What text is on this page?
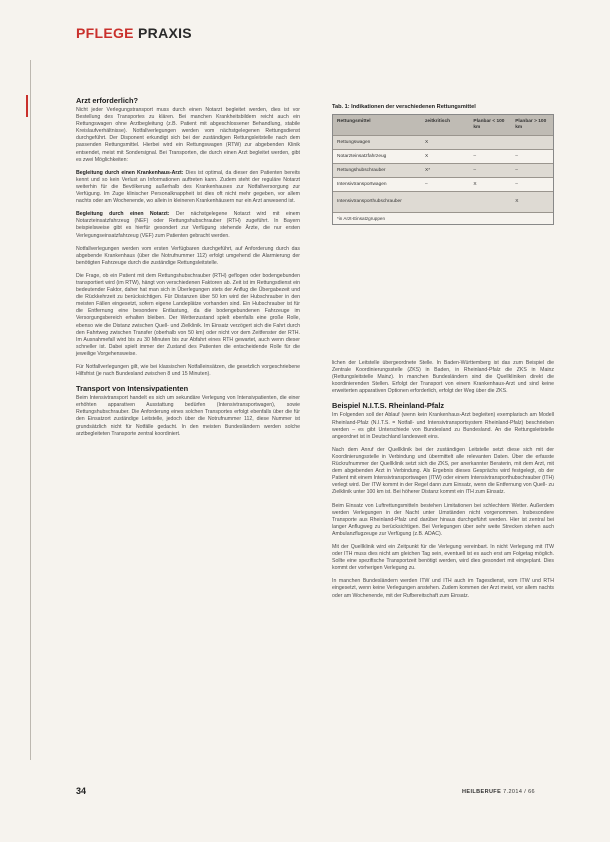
PFLEGE PRAXIS
Arzt erforderlich?

Nicht jeder Verlegungstransport muss durch einen Notarzt begleitet werden, dies ist vor Bestellung des Transportes zu klären. Bei manchen Krankheitsbildern reicht auch ein Rettungswagen ohne Arztbegleitung (z.B. Patient mit abgeschlossener Behandlung, stabile Kreislaufverhältnisse). Notfallverlegungen werden vom nächstgelegenen Rettungsdienst durchgeführt. Der Disponent erkundigt sich bei der zuständigen Rettungsleitstelle nach dem passenden Rettungsmittel. Hierbei wird ein Rettungswagen (RTW) zur abgebenden Klinik entsendet, meist mit Sondersignal. Bei Transporten, die durch einen Arzt begleitet werden, gibt es zwei Möglichkeiten:

Begleitung durch einen Krankenhaus-Arzt: Dies ist optimal, da dieser den Patienten bereits kennt und so kein Verlust an Informationen auftreten kann. Zudem steht der reguläre Notarzt weiterhin für die Bevölkerung außerhalb des Krankenhauses zur Notfallversorgung zur Verfügung. Im Zuge klinischer Personalknappheit ist dies oft nicht mehr gegeben, vor allem nachts oder am Wochenende, wo allein in kleineren Krankenhäusern nur ein Arzt anwesend ist.

Begleitung durch einen Notarzt: Der nächstgelegene Notarzt wird mit einem Notarzteinsatzfahrzeug (NEF) oder Rettungshubschrauber (RTH) zugeführt. In Bayern beispielsweise gibt es hierfür gesondert zur Verfügung stehende Ärzte, die nur ersten Verlegungseinsatzfahrzeug (VEF) zum Patienten gebracht werden.

Notfallverlegungen werden vom ersten Verfügbaren durchgeführt, auf Anforderung durch das abgebende Krankenhaus (über die Notrufnummer 112) erfolgt umgehend die Alarmierung der benötigten Fahrzeuge durch die zuständige Rettungsleitstelle.

Die Frage, ob ein Patient mit dem Rettungshubschrauber (RTH) geflogen oder bodengebunden transportiert wird (im RTW), hängt von verschiedenen Faktoren ab. Zeit ist im Rettungsdienst ein bedeutender Faktor, daher hat man sich in Überlegungen stets der Anflug die Übergabezeit und die Rückkehrzeit zu berücksichtigen. Für Distanzen über 50 km wird der Hubschrauber in den meisten Fällen eingesetzt, sofern eigene Landeplätze vorhanden sind. Ein Hubschrauber ist für die Entfernung eine besondere Entlastung, da die bodengebundenen Fahrzeuge im Versorgungsbereich erhalten bleiben. Der Wetterzustand spielt ebenfalls eine große Rolle, ebenso wie die Distanz zwischen Quell- und Zielklinik. Im Einsatz verzögert sich die Fahrt durch den Fahrtweg zwischen Transfer (oberhalb von 50 km) oder nicht vor dem Zeitfenster der RTH. Im Ausnahmefall wird bis zu 30 Minuten bis zur Abfahrt eines RTH gewartet, auch wenn dieser schneller ist. Dabei spielt immer der Zustand des Patienten die entscheidende Rolle für die jeweilige Vorgehensweise.

Für Notfallverlegungen gilt, wie bei klassischen Notfalleinsätzen, die gesetzlich vorgeschriebene Hilfsfrist (je nach Bundesland zwischen 8 und 15 Minuten).

Transport von Intensivpatienten

Beim Intensivtransport handelt es sich um sekundäre Verlegung von Intensivpatienten, die einer erhöhten apparativen Ausstattung bedürfen (Intensivtransportwagen), sowie Rettungshubschrauber. Die Anforderung eines solchen Transportes erfolgt ebenfalls über die für den Einsatzort zuständige Leitstelle, jedoch über die Notrufnummer 112, diese Nummer ist grundsätzlich nicht für Notfälle gedacht. In den meisten Bundesländern werden solche arztbegleiteten Transporte zentral koordiniert.

Tab. 1: Indikationen der verschiedenen Rettungsmittel
Rettungsmittel	zeitkritisch	Planbar < 100 km	Planbar > 100 km
Rettungswagen	X		
Notarzteinsatzfahrzeug	X	–	–
Rettungshubschrauber	X*	–	–
Intensivtransportwagen	–	X	–
Intensivtransporthubschrauber			X
*in Arzt-Einsatzgruppen

lichen der Leitstelle übergeordnete Stelle. In Baden-Württemberg ist das zum Beispiel die Zentrale Koordinierungsstelle (ZKS) in Baden, in Rheinland-Pfalz die ZKS in Mainz (Rettungsleitstelle Mainz). In manchen Bundesländern sind die Quellkliniken direkt die koordinierenden Stellen. Erfolgt der Transport von einem Krankenhaus-Arzt und sind keine erweiterten apparativen Optionen erforderlich, erfolgt der Weg über die ZKS.

Beispiel N.I.T.S. Rheinland-Pfalz

Im Folgenden soll der Ablauf (wenn kein Krankenhaus-Arzt begleiten) exemplarisch am Modell Rheinland-Pfalz (N.I.T.S. = Notfall- und Intensivtransportsystem Rheinland-Pfalz) beschrieben werden – es gibt Unterschiede von Bundesland zu Bundesland. An die Rettungsleitstelle angeordnet ist in Deutschland landesweit eins.

Nach dem Anruf der Quellklinik bei der zuständigen Leitstelle setzt diese sich mit der Koordinierungsstelle in Verbindung und übermittelt alle relevanten Daten. Über die erfasste Rückrufnummer der Quellklinik setzt sich die ZKS, per anerkannter Beraterin, mit dem Arzt, mit dem abgebenden Arzt in Verbindung. Als Ergebnis dieses Gesprächs wird festgelegt, ob der Patient mit einem Intensivtransportwagen (ITW) oder einem Intensivtransporthubschrauber (ITH) verlegt wird. Der ITW kommt in der Regel dann zum Einsatz, wenn die Entfernung von Quell- zu Zielklinik unter 100 km ist. Bei höherer Distanz kommt ein ITH zum Einsatz.

Beim Einsatz von Luftrettungsmitteln bestehen Limitationen bei schlechtem Wetter. Außerdem werden Verlegungen in der Nacht unter Umständen nicht vorgenommen. Insbesondere Transporte aus Rheinland-Pfalz und darüber hinaus durchgeführt werden. Hier ist zentral bei langer Anflugweg zu berücksichtigen. Bei Verlegungen über sehr weite Strecken stehen auch Ambulanzflugzeuge zur Verfügung (z.B. ADAC).

Mit der Quellklinik wird ein Zeitpunkt für die Verlegung vereinbart. In nicht Verlegung mit ITW oder ITH muss dies nicht am gleichen Tag sein, eventuell ist es auch erst am Folgetag möglich. Sollte eine spezifische Transportzeit benötigt werden, wird dies gesondert mit eingeplant. Dies kommt der vorherigen Verlegung zu.

In manchen Bundesländern werden ITW und ITH auch im Tagesdienst, vom ITW und RTH eingesetzt, wenn keine Verlegungen anstehen. Zudem kommen der Arzt meist, vor allem nachts oder am Wochenende, mit der Rufbereitschaft zum Einsatz.

34	HEILBERUFE 7.2014 / 66
